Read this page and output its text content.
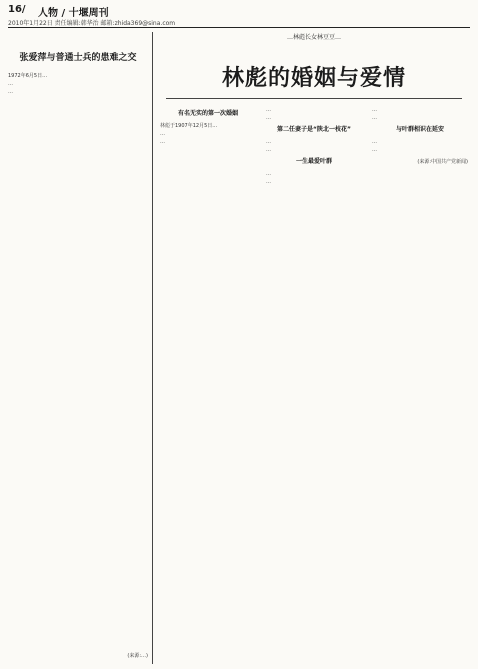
16/ 人物 / 十堰周刊
2010年1月22日 责任编辑:韩华治 邮箱:zhida369@sina.com
张爱萍与普通士兵的患难之交
1972年6月5日…
…
…
(来源:…)
…林彪长女林豆豆…
林彪的婚姻与爱情
有名无实的第一次婚姻
林彪于1907年12月5日…
…
…
…
…
第二任妻子是“陕北一枝花”
…
…
一生最爱叶群
…
…
…
…
与叶群相识在延安
…
…
(来源:中国共产党新闻)
